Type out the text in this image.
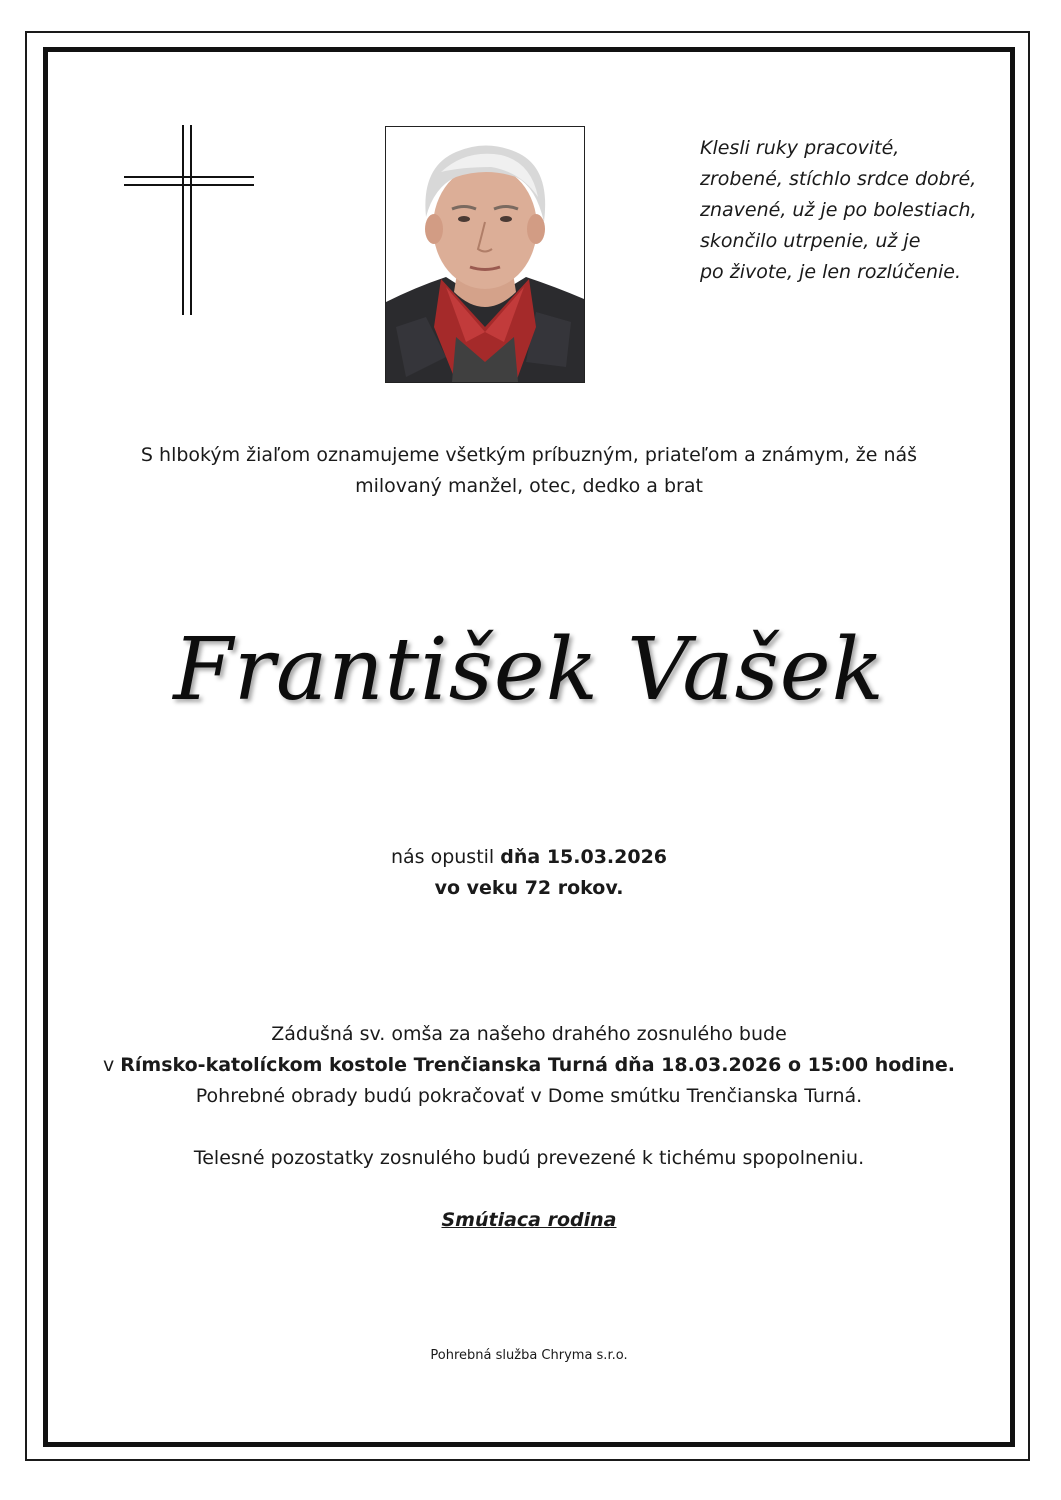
Klesli ruky pracovité,
zrobené, stíchlo srdce dobré,
znavené, už je po bolestiach,
skončilo utrpenie, už je
po živote, je len rozlúčenie.
S hlbokým žiaľom oznamujeme všetkým príbuzným, priateľom a známym, že náš
milovaný manžel, otec, dedko a brat
František Vašek
nás opustil dňa 15.03.2026
vo veku 72 rokov.
Zádušná sv. omša za našeho drahého zosnulého bude
v Rímsko-katolíckom kostole Trenčianska Turná dňa 18.03.2026 o 15:00 hodine.
Pohrebné obrady budú pokračovať v Dome smútku Trenčianska Turná.
Telesné pozostatky zosnulého budú prevezené k tichému spopolneniu.
Smútiaca rodina
Pohrebná služba Chryma s.r.o.
